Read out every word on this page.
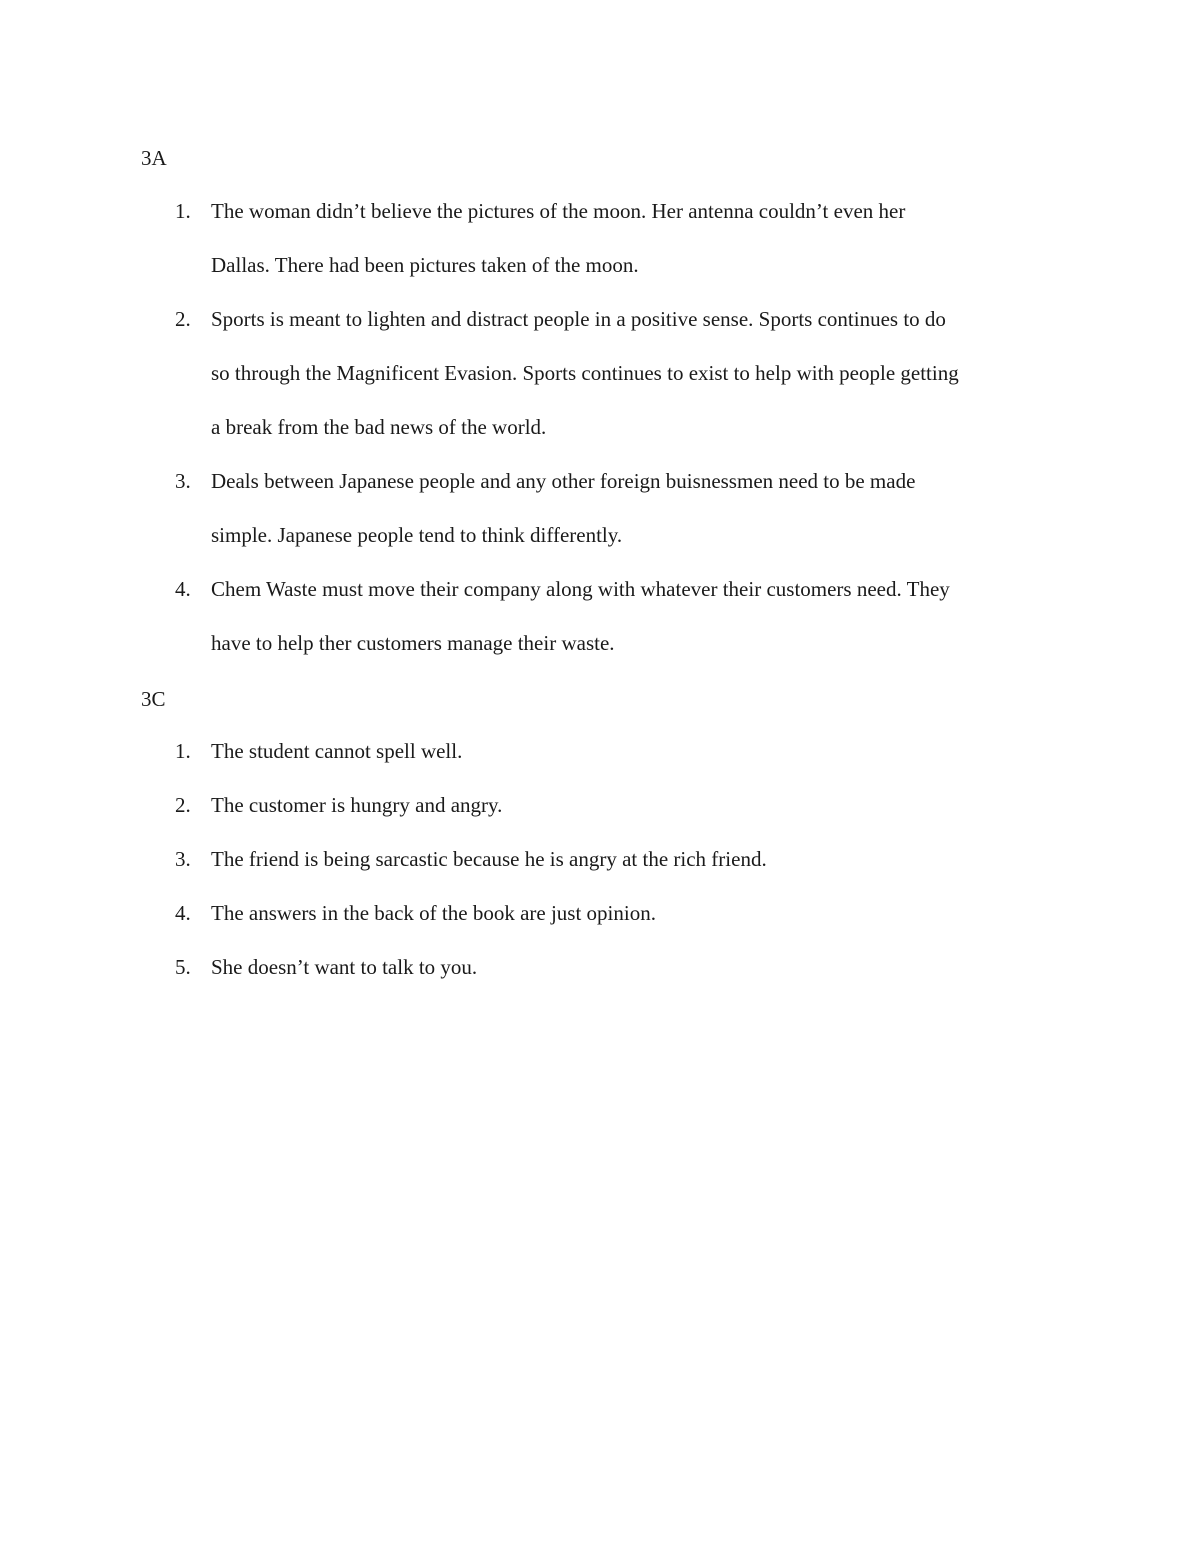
3A
1. The woman didn’t believe the pictures of the moon. Her antenna couldn’t even her
Dallas. There had been pictures taken of the moon.
2. Sports is meant to lighten and distract people in a positive sense. Sports continues to do
so through the Magnificent Evasion. Sports continues to exist to help with people getting
a break from the bad news of the world.
3. Deals between Japanese people and any other foreign buisnessmen need to be made
simple. Japanese people tend to think differently.
4. Chem Waste must move their company along with whatever their customers need. They
have to help ther customers manage their waste.
3C
1. The student cannot spell well.
2. The customer is hungry and angry.
3. The friend is being sarcastic because he is angry at the rich friend.
4. The answers in the back of the book are just opinion.
5. She doesn’t want to talk to you.
